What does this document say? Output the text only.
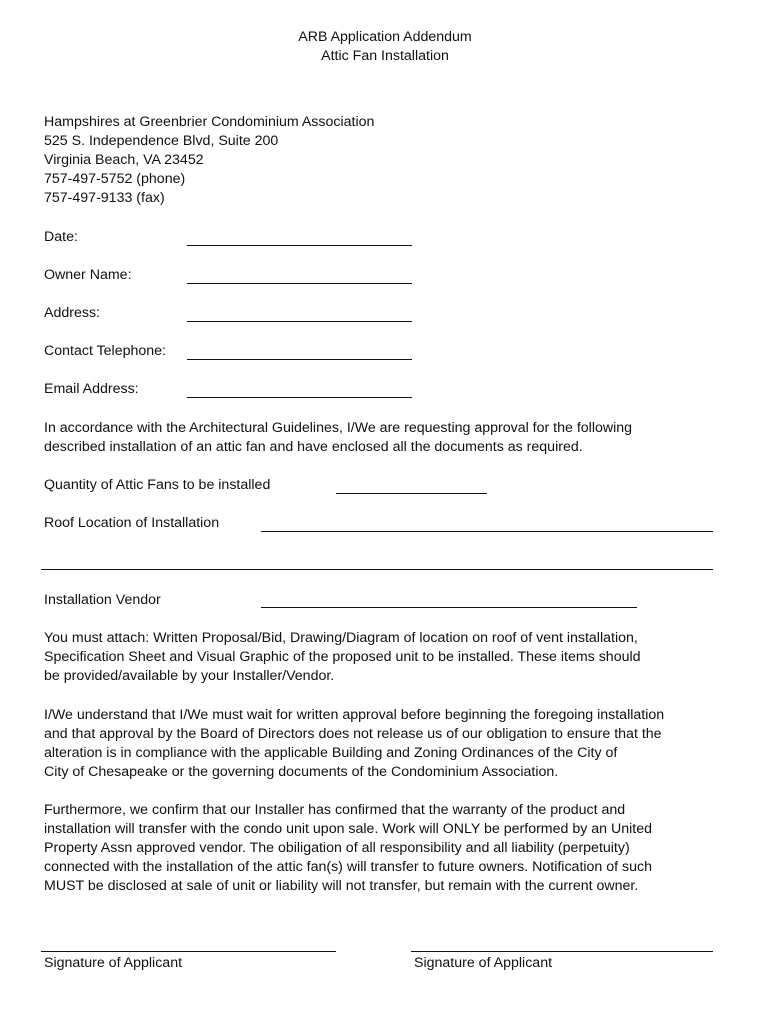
ARB Application Addendum
Attic Fan Installation
Hampshires at Greenbrier Condominium Association
525 S. Independence Blvd, Suite 200
Virginia Beach, VA 23452
757-497-5752 (phone)
757-497-9133 (fax)
Date:
Owner Name:
Address:
Contact Telephone:
Email Address:
In accordance with the Architectural Guidelines, I/We are requesting approval for the following
described installation of an attic fan and have enclosed all the documents as required.
Quantity of Attic Fans to be installed
Roof Location of Installation
Installation Vendor
You must attach: Written Proposal/Bid, Drawing/Diagram of location on roof of vent installation,
Specification Sheet and Visual Graphic of the proposed unit to be installed. These items should
be provided/available by your Installer/Vendor.
I/We understand that I/We must wait for written approval before beginning the foregoing installation
and that approval by the Board of Directors does not release us of our obligation to ensure that the
alteration is in compliance with the applicable Building and Zoning Ordinances of the City of
City of Chesapeake or the governing documents of the Condominium Association.
Furthermore, we confirm that our Installer has confirmed that the warranty of the product and
installation will transfer with the condo unit upon sale. Work will ONLY be performed by an United
Property Assn approved vendor. The obiligation of all responsibility and all liability (perpetuity)
connected with the installation of the attic fan(s) will transfer to future owners. Notification of such
MUST be disclosed at sale of unit or liability will not transfer, but remain with the current owner.
Signature of Applicant	Signature of Applicant
